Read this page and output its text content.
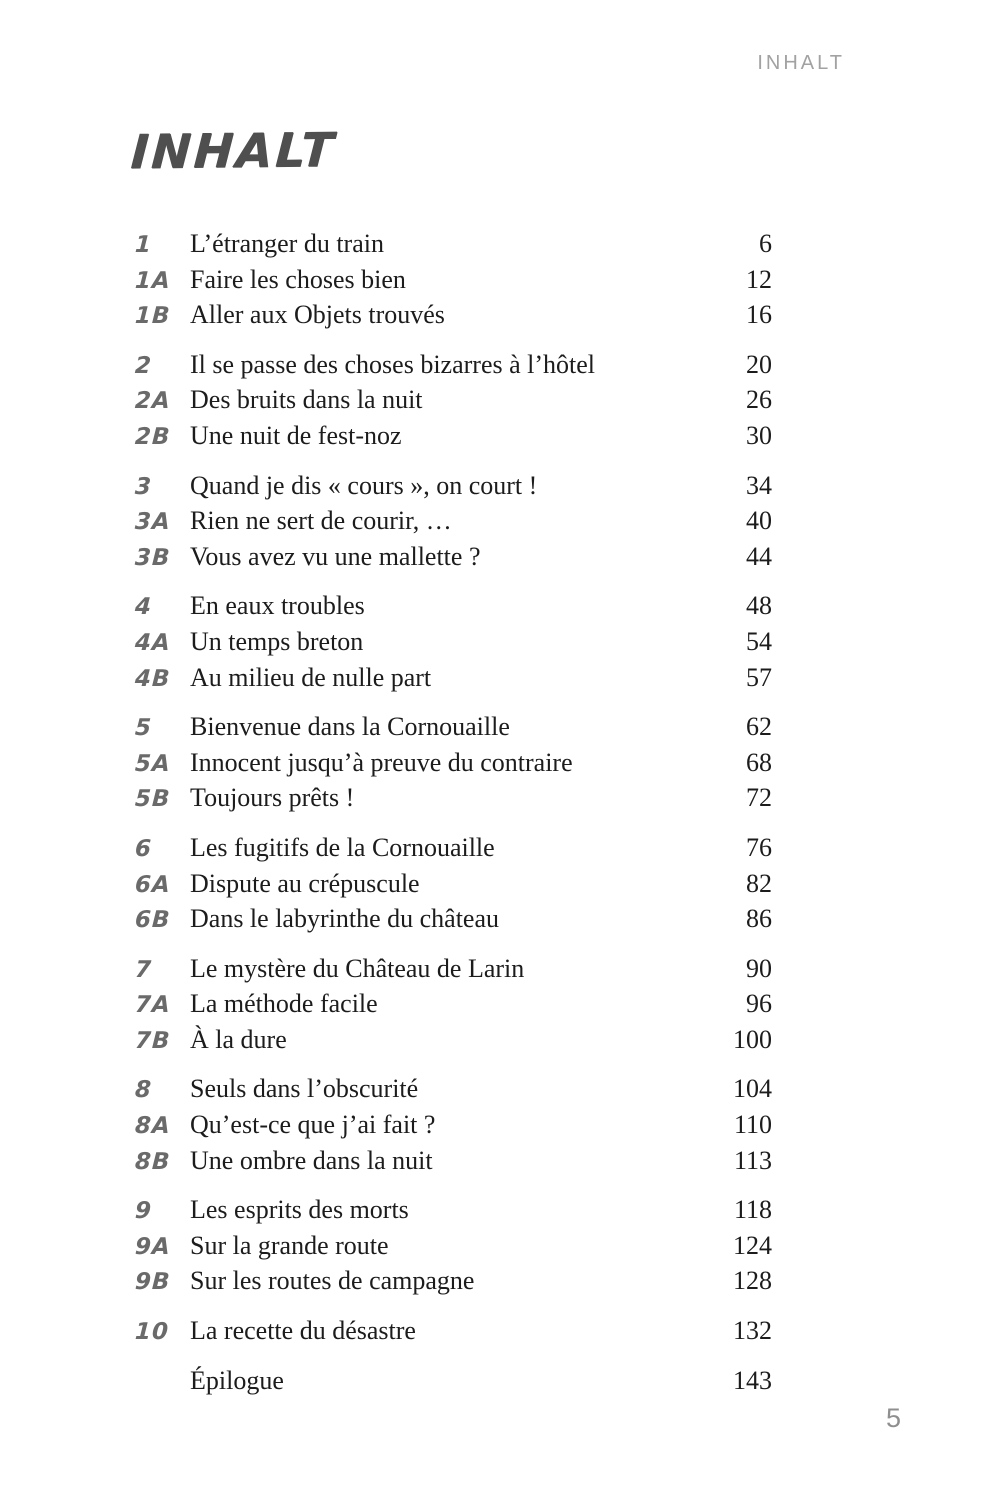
INHALT
INHALT
1	L’étranger du train	6
1A Faire les choses bien	12
1B Aller aux Objets trouvés	16
2	Il se passe des choses bizarres à l’hôtel	20
2A Des bruits dans la nuit	26
2B Une nuit de fest-noz	30
3	Quand je dis « cours », on court !	34
3A Rien ne sert de courir, …	40
3B Vous avez vu une mallette ?	44
4	En eaux troubles	48
4A Un temps breton	54
4B Au milieu de nulle part	57
5	Bienvenue dans la Cornouaille	62
5A Innocent jusqu’à preuve du contraire	68
5B Toujours prêts !	72
6	Les fugitifs de la Cornouaille	76
6A Dispute au crépuscule	82
6B Dans le labyrinthe du château	86
7	Le mystère du Château de Larin	90
7A La méthode facile	96
7B À la dure	100
8	Seuls dans l’obscurité	104
8A Qu’est-ce que j’ai fait ?	110
8B Une ombre dans la nuit	113
9	Les esprits des morts	118
9A Sur la grande route	124
9B Sur les routes de campagne	128
10 La recette du désastre	132
Épilogue	143
5
